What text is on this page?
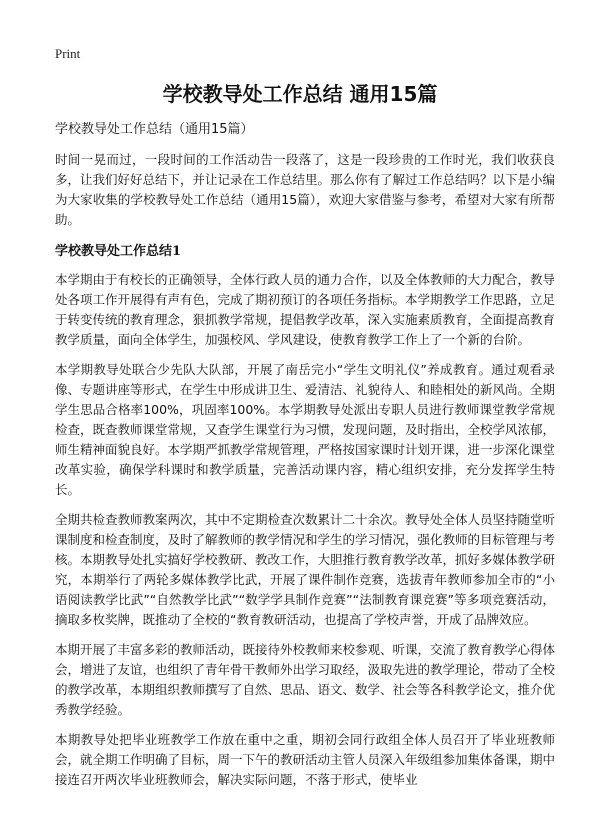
Print
学校教导处工作总结 通用15篇

学校教导处工作总结（通用15篇）

时间一晃而过，一段时间的工作活动告一段落了，这是一段珍贵的工作时光，我们收获良多，让我们好好总结下，并让记录在工作总结里。那么你有了解过工作总结吗？以下是小编为大家收集的学校教导处工作总结（通用15篇），欢迎大家借鉴与参考，希望对大家有所帮助。

学校教导处工作总结1

本学期由于有校长的正确领导，全体行政人员的通力合作，以及全体教师的大力配合，教导处各项工作开展得有声有色，完成了期初预订的各项任务指标。本学期教学工作思路，立足于转变传统的教育理念，狠抓教学常规，提倡教学改革，深入实施素质教育，全面提高教育教学质量，面向全体学生，加强校风、学风建设，使教育教学工作上了一个新的台阶。

本学期教导处联合少先队大队部，开展了南岳完小“学生文明礼仪”养成教育。通过观看录像、专题讲座等形式，在学生中形成讲卫生、爱清洁、礼貌待人、和睦相处的新风尚。全期学生思品合格率100%，巩固率100%。本学期教导处派出专职人员进行教师课堂教学常规检查，既查教师课堂常规，又查学生课堂行为习惯，发现问题，及时指出，全校学风浓郁，师生精神面貌良好。本学期严抓教学常规管理，严格按国家课时计划开课，进一步深化课堂改革实验，确保学科课时和教学质量，完善活动课内容，精心组织安排，充分发挥学生特长。

全期共检查教师教案两次，其中不定期检查次数累计二十余次。教导处全体人员坚持随堂听课制度和检查制度，及时了解教师的教学情况和学生的学习情况，强化教师的目标管理与考核。本期教导处扎实搞好学校教研、教改工作，大胆推行教育教学改革，抓好多媒体教学研究，本期举行了两轮多媒体教学比武，开展了课件制作竞赛，选拔青年教师参加全市的“小语阅读教学比武”“自然教学比武”“数学学具制作竞赛”“法制教育课竞赛”等多项竞赛活动，摘取多枚奖牌，既推动了全校的“教育教研活动，也提高了学校声誉，开成了品牌效应。

本期开展了丰富多彩的教师活动，既接待外校教师来校参观、听课，交流了教育教学心得体会，增进了友谊，也组织了青年骨干教师外出学习取经，汲取先进的教学理论，带动了全校的教学改革，本期组织教师撰写了自然、思品、语文、数学、社会等各科教学论文，推介优秀教学经验。

本期教导处把毕业班教学工作放在重中之重，期初会同行政组全体人员召开了毕业班教师会，就全期工作明确了目标，周一下午的教研活动主管人员深入年级组参加集体备课，期中接连召开两次毕业班教师会，解决实际问题，不落于形式，使毕业
